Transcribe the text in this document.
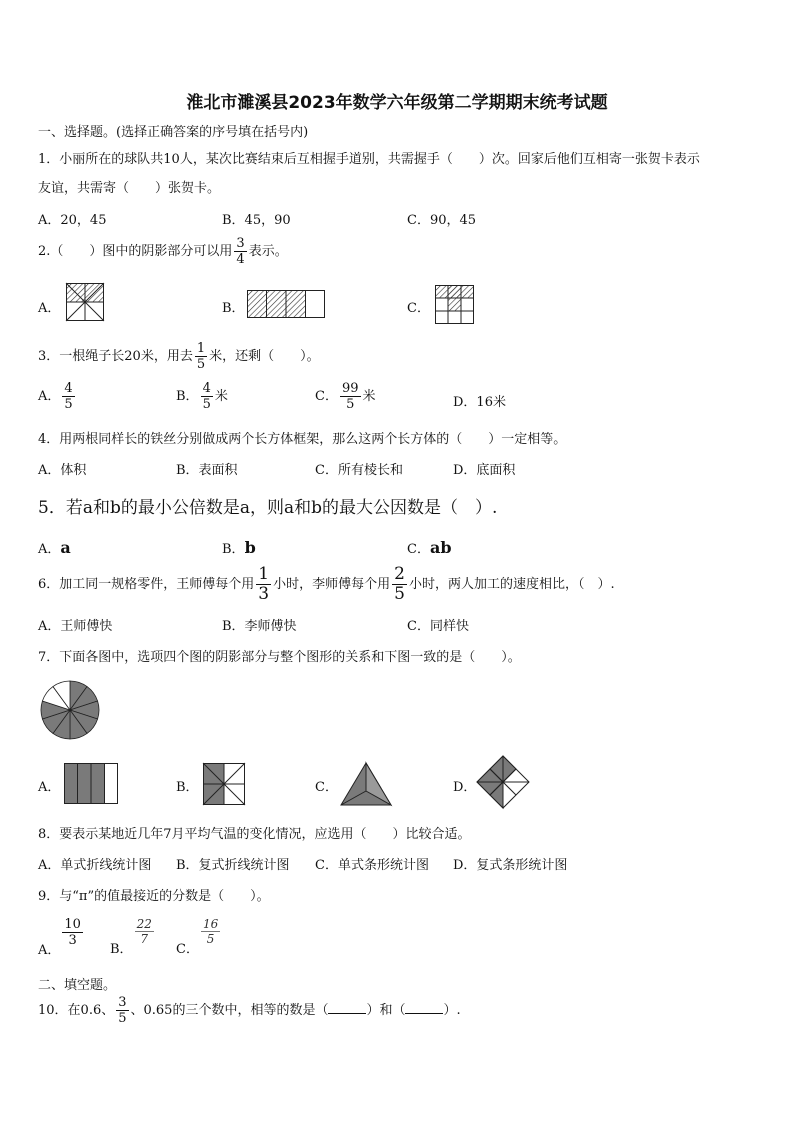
淮北市濉溪县2023年数学六年级第二学期期末统考试题
一、选择题。(选择正确答案的序号填在括号内)
1．小丽所在的球队共10人，某次比赛结束后互相握手道别，共需握手（　　）次。回家后他们互相寄一张贺卡表示
友谊，共需寄（　　）张贺卡。
A．20，45	B．45，90	C．90，45
2.（　　）图中的阴影部分可以用 $\frac{3}{4}$ 表示。
A．	B．	C．
3．一根绳子长20米，用去 $\frac{1}{5}$ 米，还剩（　　）。
A． $\frac{4}{5}$	B． $\frac{4}{5}$ 米	C． $\frac{99}{5}$ 米	D．16米
4．用两根同样长的铁丝分别做成两个长方体框架，那么这两个长方体的（　　）一定相等。
A．体积	B．表面积	C．所有棱长和	D．底面积
5．若a和b的最小公倍数是a，则a和b的最大公因数是（　）.
A．a	B．b	C．ab
6．加工同一规格零件，王师傅每个用 $\frac{1}{3}$ 小时，李师傅每个用 $\frac{2}{5}$ 小时，两人加工的速度相比，（　）.
A．王师傅快	B．李师傅快	C．同样快
7．下面各图中，选项四个图的阴影部分与整个图形的关系和下图一致的是（　　）。
A．	B．	C．	D．
8．要表示某地近几年7月平均气温的变化情况，应选用（　　）比较合适。
A．单式折线统计图 B．复式折线统计图 C．单式条形统计图 D．复式条形统计图
9．与“π”的值最接近的分数是（　　）。
A．
$\frac{10}{3}$
B．
$\frac{22}{7}$
C．
$\frac{16}{5}$
二、填空题。
10．在0.6、 $\frac{3}{5}$ 、0.65的三个数中，相等的数是（	）和（	）.
